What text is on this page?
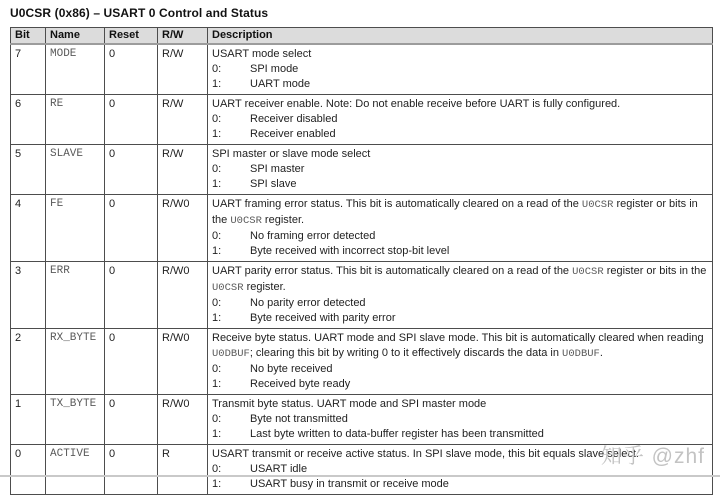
U0CSR (0x86) – USART 0 Control and Status
Bit	Name	Reset	R/W	Description
7	MODE	0	R/W	USART mode select
0: SPI mode
1: UART mode

6	RE	0	R/W	UART receiver enable. Note: Do not enable receive before UART is fully configured.
0: Receiver disabled
1: Receiver enabled

5	SLAVE	0	R/W	SPI master or slave mode select
0: SPI master
1: SPI slave

4	FE	0	R/W0	UART framing error status. This bit is automatically cleared on a read of the U0CSR register or bits in the U0CSR register.
0: No framing error detected
1: Byte received with incorrect stop-bit level

3	ERR	0	R/W0	UART parity error status. This bit is automatically cleared on a read of the U0CSR register or bits in the U0CSR register.
0: No parity error detected
1: Byte received with parity error

2	RX_BYTE	0	R/W0	Receive byte status. UART mode and SPI slave mode. This bit is automatically cleared when reading U0DBUF; clearing this bit by writing 0 to it effectively discards the data in U0DBUF.
0: No byte received
1: Received byte ready

1	TX_BYTE	0	R/W0	Transmit byte status. UART mode and SPI master mode
0: Byte not transmitted
1: Last byte written to data-buffer register has been transmitted

0	ACTIVE	0	R	USART transmit or receive active status. In SPI slave mode, this bit equals slave select.
0: USART idle
1: USART busy in transmit or receive mode
知乎 @zhf
